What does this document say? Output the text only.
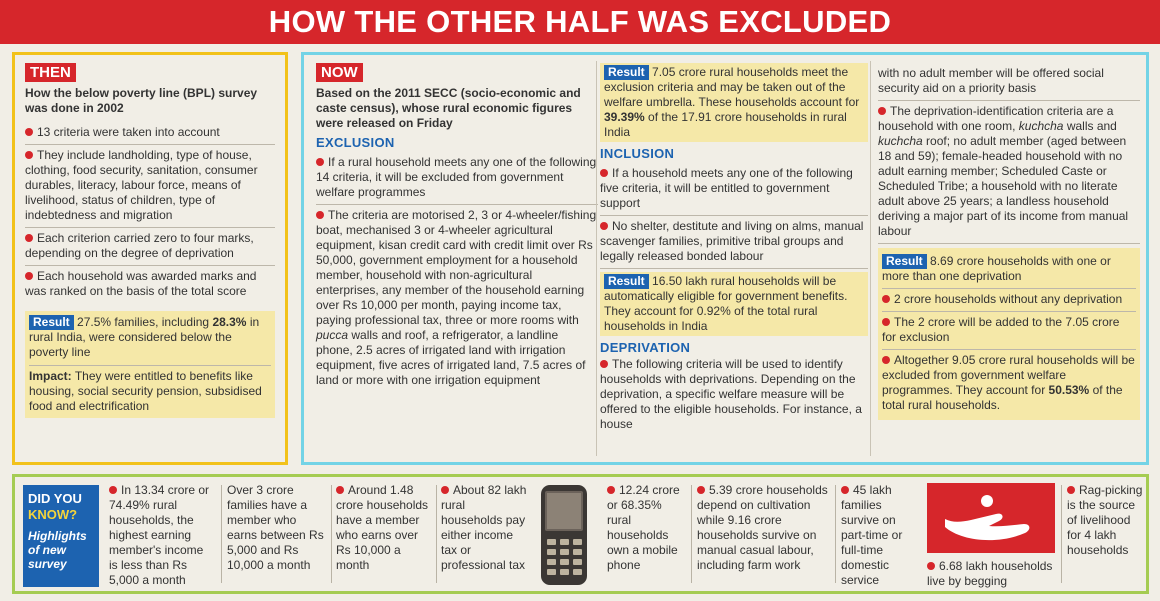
HOW THE OTHER HALF WAS EXCLUDED
THEN
How the below poverty line (BPL) survey was done in 2002
13 criteria were taken into account
They include landholding, type of house, clothing, food security, sanitation, consumer durables, literacy, labour force, means of livelihood, status of children, type of indebtedness and migration
Each criterion carried zero to four marks, depending on the degree of deprivation
Each household was awarded marks and was ranked on the basis of the total score
Result 27.5% families, including 28.3% in rural India, were considered below the poverty line
Impact: They were entitled to benefits like housing, social security pension, subsidised food and electrification
NOW
Based on the 2011 SECC (socio-economic and caste census), whose rural economic figures were released on Friday
EXCLUSION
If a rural household meets any one of the following 14 criteria, it will be excluded from government welfare programmes
The criteria are motorised 2, 3 or 4-wheeler/fishing boat, mechanised 3 or 4-wheeler agricultural equipment, kisan credit card with credit limit over Rs 50,000, government employment for a household member, household with non-agricultural enterprises, any member of the household earning over Rs 10,000 per month, paying income tax, paying professional tax, three or more rooms with pucca walls and roof, a refrigerator, a landline phone, 2.5 acres of irrigated land with irrigation equipment, five acres of irrigated land, 7.5 acres of land or more with one irrigation equipment
Result 7.05 crore rural households meet the exclusion criteria and may be taken out of the welfare umbrella. These households account for 39.39% of the 17.91 crore households in rural India
INCLUSION
If a household meets any one of the following five criteria, it will be entitled to government support
No shelter, destitute and living on alms, manual scavenger families, primitive tribal groups and legally released bonded labour
Result 16.50 lakh rural households will be automatically eligible for government benefits. They account for 0.92% of the total rural households in India
DEPRIVATION
The following criteria will be used to identify households with deprivations. Depending on the deprivation, a specific welfare measure will be offered to the eligible households. For instance, a house
with no adult member will be offered social security aid on a priority basis
The deprivation-identification criteria are a household with one room, kuchcha walls and kuchcha roof; no adult member (aged between 18 and 59); female-headed household with no adult earning member; Scheduled Caste or Scheduled Tribe; a household with no literate adult above 25 years; a landless household deriving a major part of its income from manual labour
Result 8.69 crore households with one or more than one deprivation
2 crore households without any deprivation
The 2 crore will be added to the 7.05 crore for exclusion
Altogether 9.05 crore rural households will be excluded from government welfare programmes. They account for 50.53% of the total rural households.
DID YOU
KNOW?
Highlights of new survey
In 13.34 crore or 74.49% rural households, the highest earning member's income is less than Rs 5,000 a month
Over 3 crore families have a member who earns between Rs 5,000 and Rs 10,000 a month
Around 1.48 crore households have a member who earns over Rs 10,000 a month
About 82 lakh rural households pay either income tax or professional tax
12.24 crore or 68.35% rural households own a mobile phone
5.39 crore households depend on cultivation while 9.16 crore households survive on manual casual labour, including farm work
45 lakh families survive on part-time or full-time domestic service
6.68 lakh households live by begging
Rag-picking is the source of livelihood for 4 lakh households
